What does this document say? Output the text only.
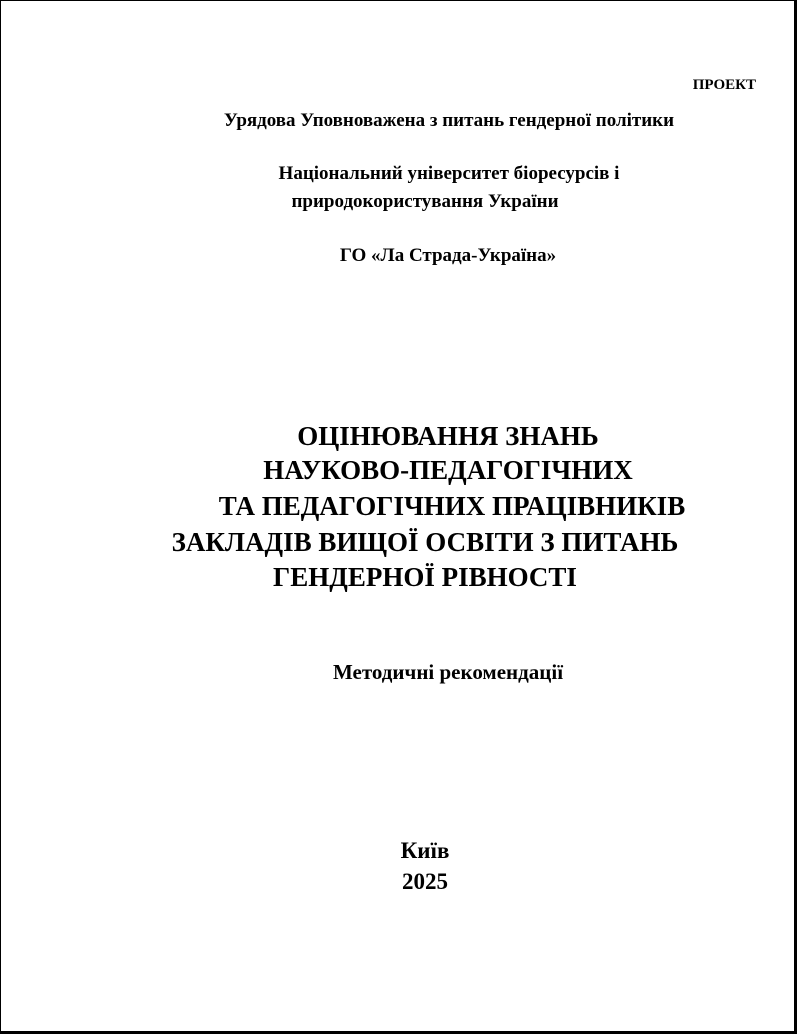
ПРОЕКТ
Урядова Уповноважена з питань гендерної політики
Національний університет біоресурсів і
природокористування України
ГО «Ла Страда-Україна»
ОЦІНЮВАННЯ ЗНАНЬ
НАУКОВО-ПЕДАГОГІЧНИХ
ТА ПЕДАГОГІЧНИХ ПРАЦІВНИКІВ
ЗАКЛАДІВ ВИЩОЇ ОСВІТИ З ПИТАНЬ
ГЕНДЕРНОЇ РІВНОСТІ
Методичні рекомендації
Київ
2025
